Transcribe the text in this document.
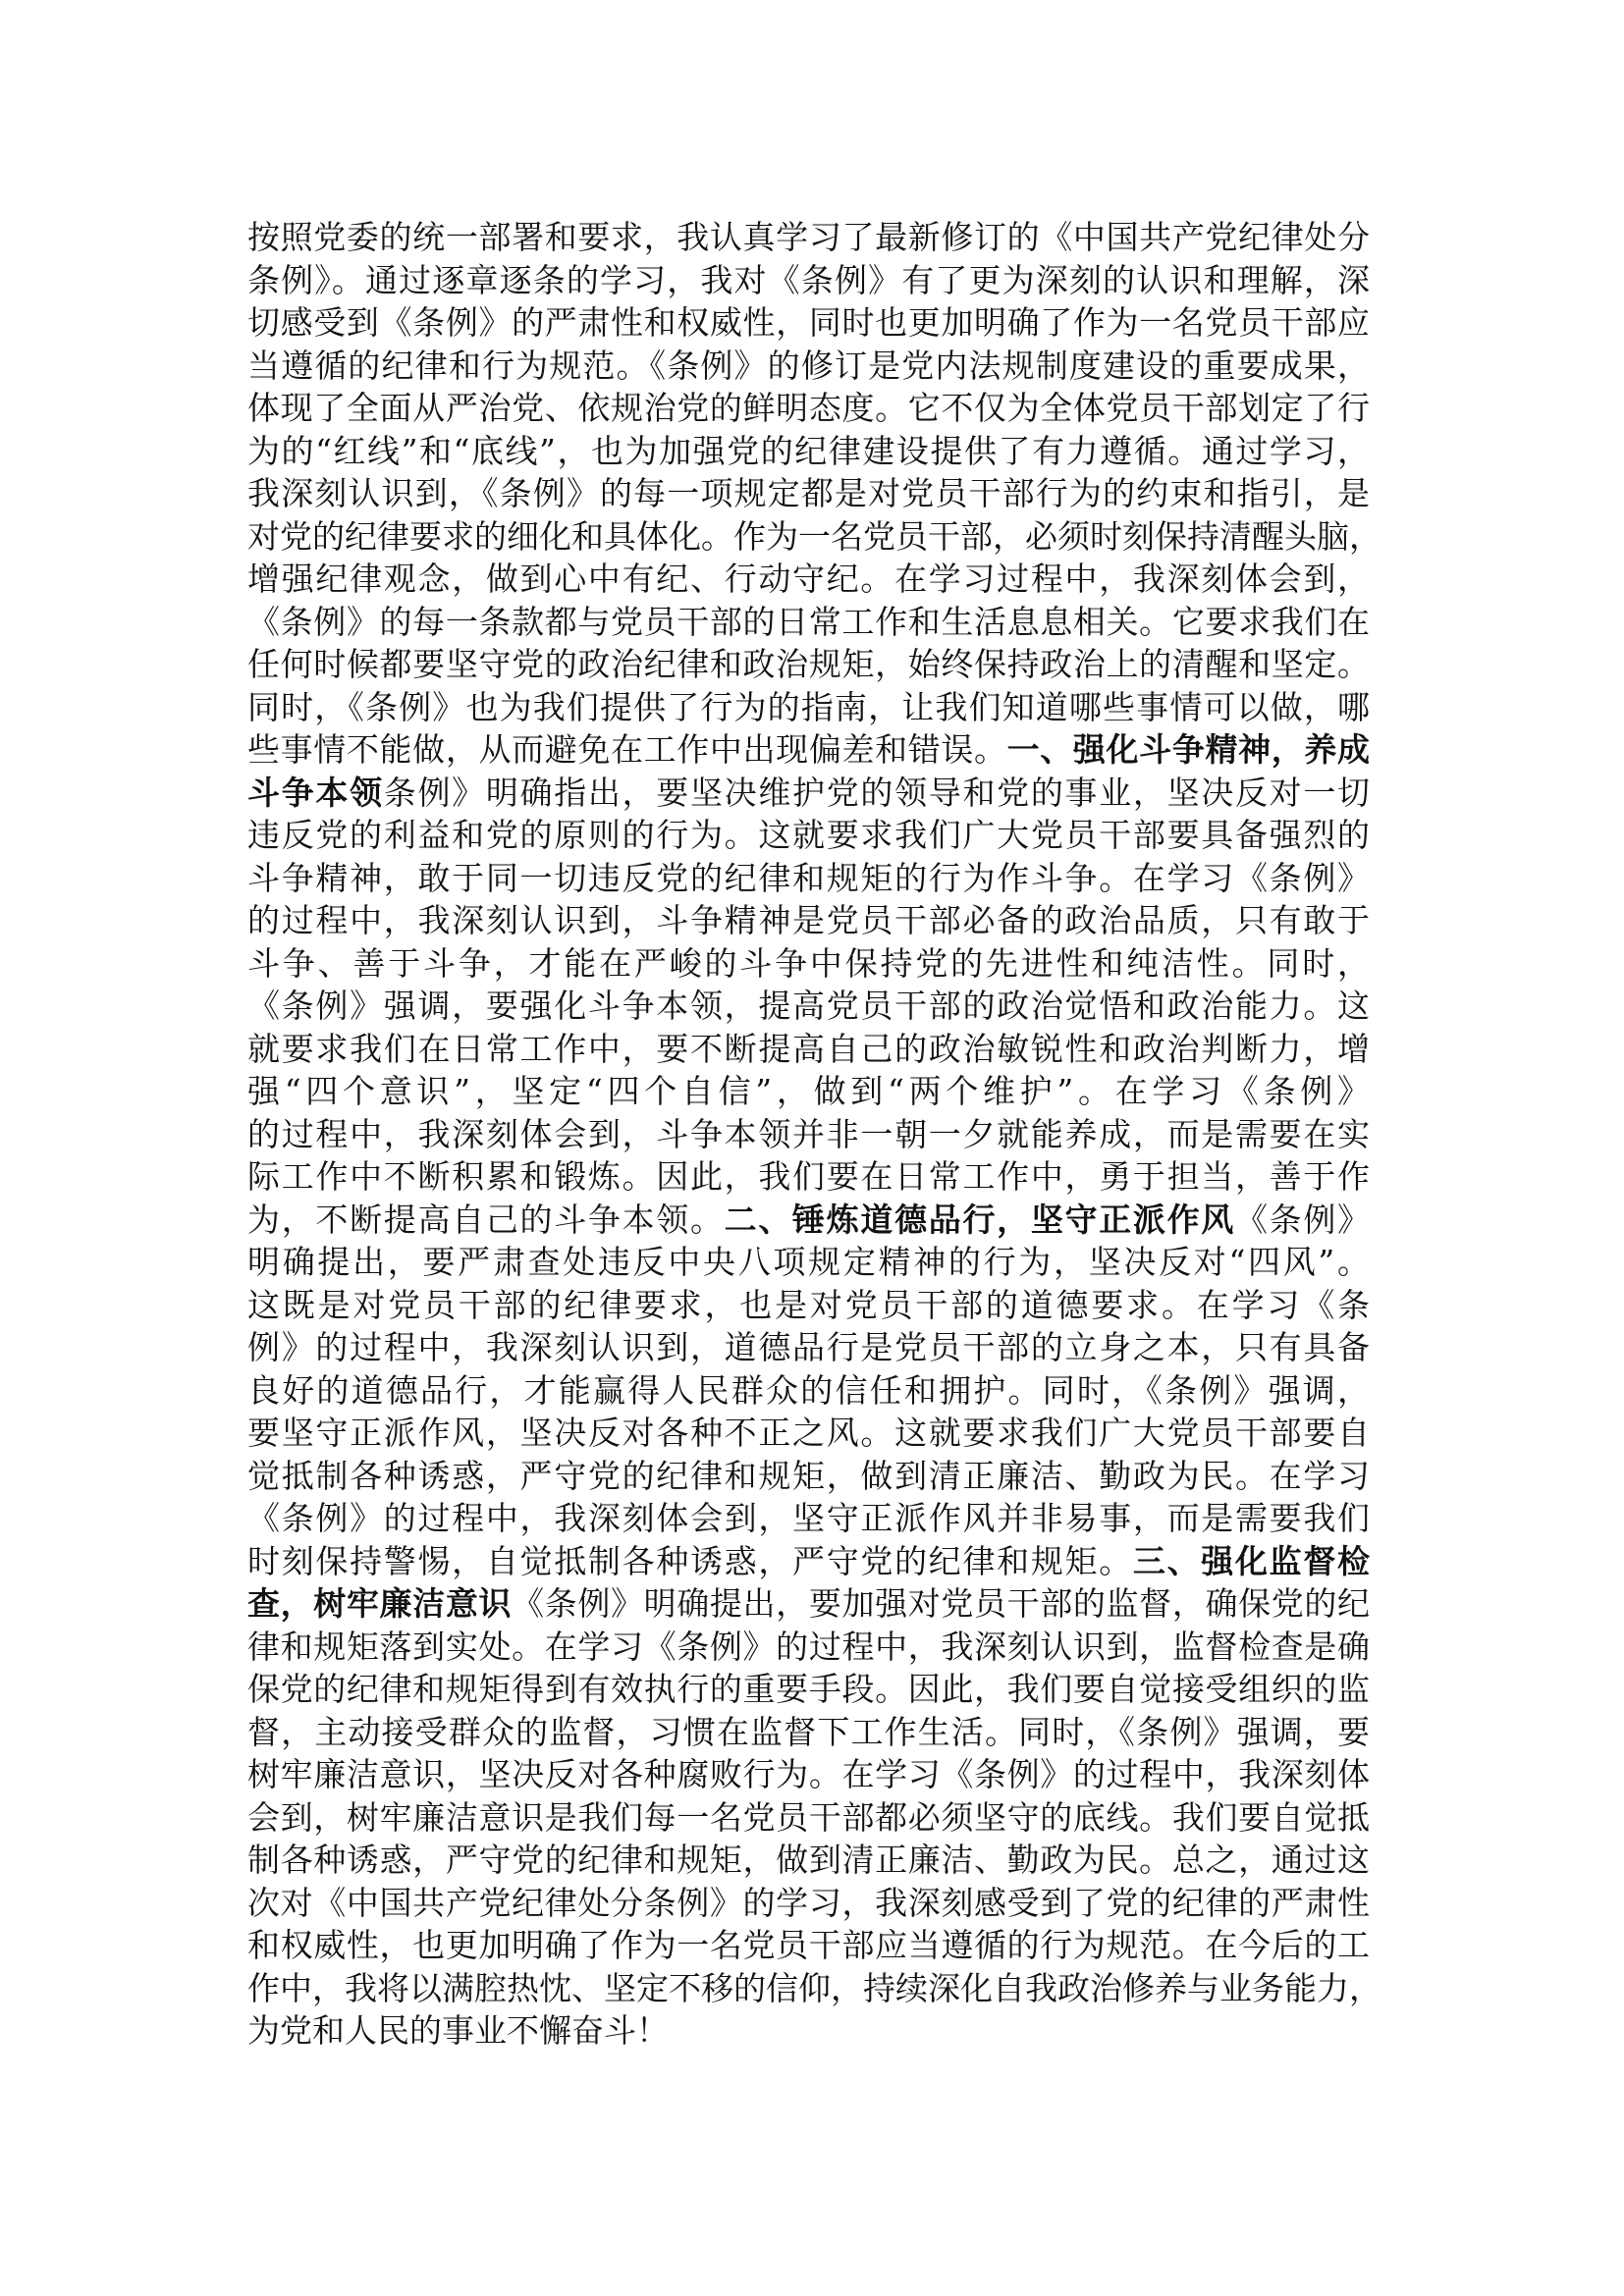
按照党委的统一部署和要求，我认真学习了最新修订的《中国共产党纪律处分
条例》。通过逐章逐条的学习，我对《条例》有了更为深刻的认识和理解，深
切感受到《条例》的严肃性和权威性，同时也更加明确了作为一名党员干部应
当遵循的纪律和行为规范。《条例》的修订是党内法规制度建设的重要成果，
体现了全面从严治党、依规治党的鲜明态度。它不仅为全体党员干部划定了行
为的“红线”和“底线”，也为加强党的纪律建设提供了有力遵循。通过学习，
我深刻认识到，《条例》的每一项规定都是对党员干部行为的约束和指引，是
对党的纪律要求的细化和具体化。作为一名党员干部，必须时刻保持清醒头脑，
增强纪律观念，做到心中有纪、行动守纪。在学习过程中，我深刻体会到，
《条例》的每一条款都与党员干部的日常工作和生活息息相关。它要求我们在
任何时候都要坚守党的政治纪律和政治规矩，始终保持政治上的清醒和坚定。
同时，《条例》也为我们提供了行为的指南，让我们知道哪些事情可以做，哪
些事情不能做，从而避免在工作中出现偏差和错误。一、强化斗争精神，养成
斗争本领条例》明确指出，要坚决维护党的领导和党的事业，坚决反对一切
违反党的利益和党的原则的行为。这就要求我们广大党员干部要具备强烈的
斗争精神，敢于同一切违反党的纪律和规矩的行为作斗争。在学习《条例》
的过程中，我深刻认识到，斗争精神是党员干部必备的政治品质，只有敢于
斗争、善于斗争，才能在严峻的斗争中保持党的先进性和纯洁性。同时，
《条例》强调，要强化斗争本领，提高党员干部的政治觉悟和政治能力。这
就要求我们在日常工作中，要不断提高自己的政治敏锐性和政治判断力，增
强“四个意识”，坚定“四个自信”，做到“两个维护”。在学习《条例》
的过程中，我深刻体会到，斗争本领并非一朝一夕就能养成，而是需要在实
际工作中不断积累和锻炼。因此，我们要在日常工作中，勇于担当，善于作
为，不断提高自己的斗争本领。二、锤炼道德品行，坚守正派作风《条例》
明确提出，要严肃查处违反中央八项规定精神的行为，坚决反对“四风”。
这既是对党员干部的纪律要求，也是对党员干部的道德要求。在学习《条
例》的过程中，我深刻认识到，道德品行是党员干部的立身之本，只有具备
良好的道德品行，才能赢得人民群众的信任和拥护。同时，《条例》强调，
要坚守正派作风，坚决反对各种不正之风。这就要求我们广大党员干部要自
觉抵制各种诱惑，严守党的纪律和规矩，做到清正廉洁、勤政为民。在学习
《条例》的过程中，我深刻体会到，坚守正派作风并非易事，而是需要我们
时刻保持警惕，自觉抵制各种诱惑，严守党的纪律和规矩。三、强化监督检
查，树牢廉洁意识《条例》明确提出，要加强对党员干部的监督，确保党的纪
律和规矩落到实处。在学习《条例》的过程中，我深刻认识到，监督检查是确
保党的纪律和规矩得到有效执行的重要手段。因此，我们要自觉接受组织的监
督，主动接受群众的监督，习惯在监督下工作生活。同时，《条例》强调，要
树牢廉洁意识，坚决反对各种腐败行为。在学习《条例》的过程中，我深刻体
会到，树牢廉洁意识是我们每一名党员干部都必须坚守的底线。我们要自觉抵
制各种诱惑，严守党的纪律和规矩，做到清正廉洁、勤政为民。总之，通过这
次对《中国共产党纪律处分条例》的学习，我深刻感受到了党的纪律的严肃性
和权威性，也更加明确了作为一名党员干部应当遵循的行为规范。在今后的工
作中，我将以满腔热忱、坚定不移的信仰，持续深化自我政治修养与业务能力，
为党和人民的事业不懈奋斗！
